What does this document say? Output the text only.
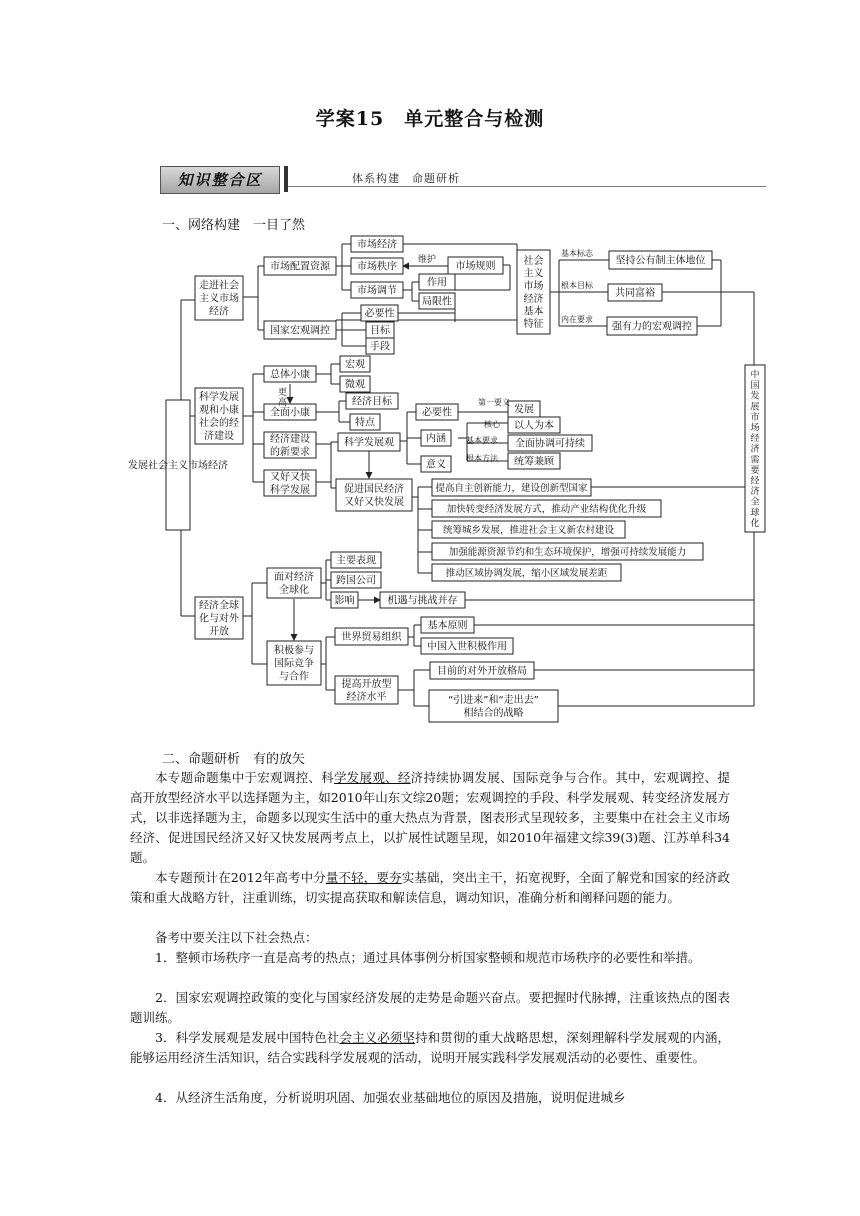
学案15　单元整合与检测
知识整合区	体系构建　命题研析
一、网络构建　一目了然
发展社会主义市场经济
走进社会
主义市场
经济
科学发展
观和小康
社会的经
济建设
经济全球
化与对外
开放
市场配置资源
国家宏观调控
市场经济
市场秩序
市场调节
市场规则
作用
局限性
必要性
目标
手段
社会
主义
市场
经济
基本
特征
坚持公有制主体地位
共同富裕
强有力的宏观调控
中
国
发
展
市
场
经
济
需
要
经
济
全
球
化
总体小康
宏观
微观
全面小康
经济目标
特点
经济建设
的新要求
又好又快
科学发展
科学发展观
必要性
内涵
意义
发展
以人为本
全面协调可持续
统筹兼顾
促进国民经济
又好又快发展
提高自主创新能力，建设创新型国家
加快转变经济发展方式，推动产业结构优化升级
统筹城乡发展，推进社会主义新农村建设
加强能源资源节约和生态环境保护，增强可持续发展能力
推动区域协调发展，缩小区域发展差距
面对经济
全球化
主要表现
跨国公司
影响	机遇与挑战并存
积极参与
国际竞争
与合作
世界贸易组织
基本原则
中国入世积极作用
提高开放型
经济水平
目前的对外开放格局
“引进来”和“走出去”
相结合的战略
维护
基本标志
根本目标
内在要求
更
高	第一要义
核心
基本要求
根本方法
二、命题研析　有的放矢

本专题命题集中于宏观调控、科学发展观、经济持续协调发展、国际竞争与合作。其中，宏观调控、提高开放型经济水平以选择题为主，如2010年山东文综20题；宏观调控的手段、科学发展观、转变经济发展方式，以非选择题为主，命题多以现实生活中的重大热点为背景，图表形式呈现较多，主要集中在社会主义市场经济、促进国民经济又好又快发展两考点上，以扩展性试题呈现，如2010年福建文综39(3)题、江苏单科34题。

本专题预计在2012年高考中分量不轻，要夯实基础，突出主干，拓宽视野，全面了解党和国家的经济政策和重大战略方针，注重训练，切实提高获取和解读信息，调动知识，准确分析和阐释问题的能力。

备考中要关注以下社会热点：

1．整顿市场秩序一直是高考的热点；通过具体事例分析国家整顿和规范市场秩序的必要性和举措。

2．国家宏观调控政策的变化与国家经济发展的走势是命题兴奋点。要把握时代脉搏，注重该热点的图表题训练。

3．科学发展观是发展中国特色社会主义必须坚持和贯彻的重大战略思想，深刻理解科学发展观的内涵，能够运用经济生活知识，结合实践科学发展观的活动，说明开展实践科学发展观活动的必要性、重要性。

4．从经济生活角度，分析说明巩固、加强农业基础地位的原因及措施，说明促进城乡
